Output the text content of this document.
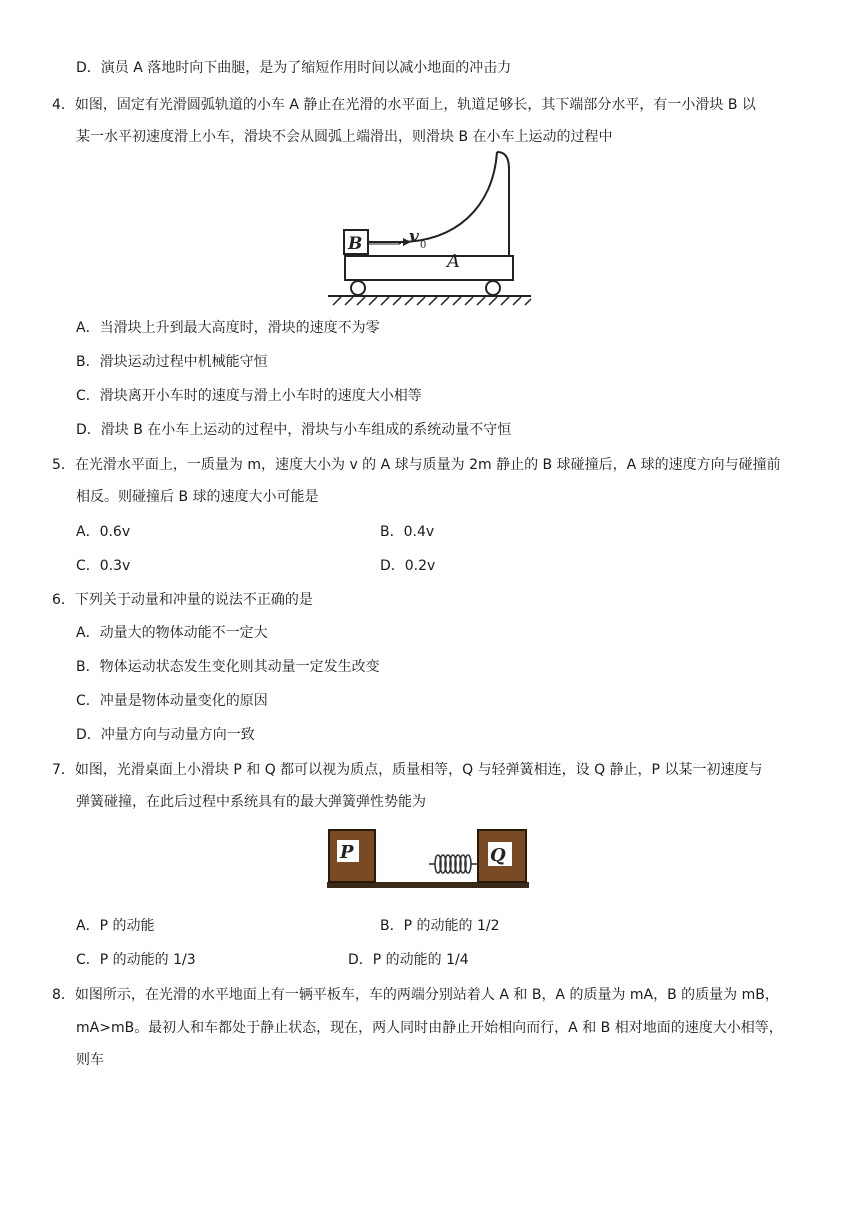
D．演员 A 落地时向下曲腿，是为了缩短作用时间以减小地面的冲击力
4．如图，固定有光滑圆弧轨道的小车 A 静止在光滑的水平面上，轨道足够长，其下端部分水平，有一小滑块 B 以
某一水平初速度滑上小车，滑块不会从圆弧上端滑出，则滑块 B 在小车上运动的过程中
B	v 0
A
A．当滑块上升到最大高度时，滑块的速度不为零
B．滑块运动过程中机械能守恒
C．滑块离开小车时的速度与滑上小车时的速度大小相等
D．滑块 B 在小车上运动的过程中，滑块与小车组成的系统动量不守恒
5．在光滑水平面上，一质量为 m，速度大小为 v 的 A 球与质量为 2m 静止的 B 球碰撞后，A 球的速度方向与碰撞前
相反。则碰撞后 B 球的速度大小可能是
A．0.6v	B．0.4v
C．0.3v	D．0.2v
6．下列关于动量和冲量的说法不正确的是
A．动量大的物体动能不一定大
B．物体运动状态发生变化则其动量一定发生改变
C．冲量是物体动量变化的原因
D．冲量方向与动量方向一致
7．如图，光滑桌面上小滑块 P 和 Q 都可以视为质点，质量相等，Q 与轻弹簧相连，设 Q 静止，P 以某一初速度与
弹簧碰撞，在此后过程中系统具有的最大弹簧弹性势能为
P	Q
A．P 的动能	B．P 的动能的 1/2
C．P 的动能的 1/3	D．P 的动能的 1/4
8．如图所示，在光滑的水平地面上有一辆平板车，车的两端分别站着人 A 和 B，A 的质量为 mA，B 的质量为 mB，
mA>mB。最初人和车都处于静止状态，现在，两人同时由静止开始相向而行，A 和 B 相对地面的速度大小相等，
则车
